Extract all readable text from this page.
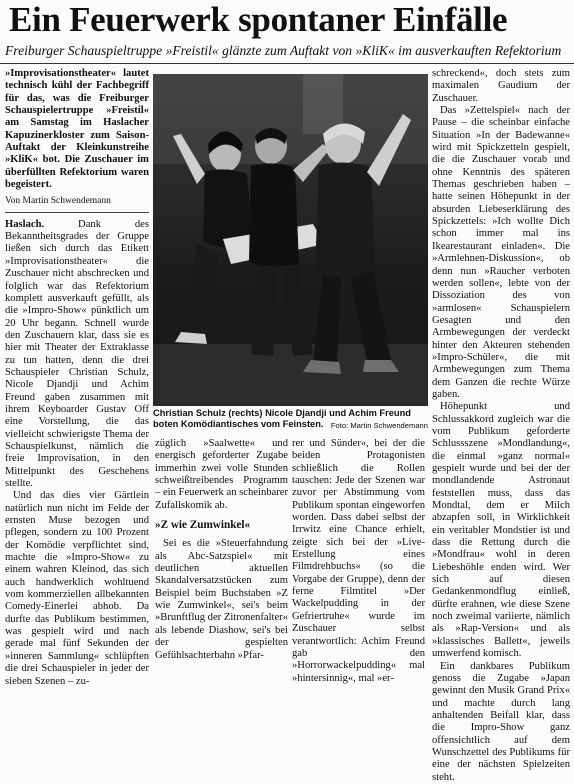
Ein Feuerwerk spontaner Einfälle
Freiburger Schauspieltruppe »Freistil« glänzte zum Auftakt von »KliK« im ausverkauften Refektorium

»Improvisationstheater« lautet technisch kühl der Fachbegriff für das, was die Freiburger Schauspielertruppe »Freistil« am Samstag im Haslacher Kapuzinerkloster zum Saison-Auftakt der Kleinkunstreihe »KliK« bot. Die Zuschauer im überfüllten Refektorium waren begeistert.

Von Martin Schwendemann

Haslach.	Dank des Bekanntheitsgrades der Gruppe ließen sich durch das Etikett »Improvisationstheater« die Zuschauer nicht abschrecken und folglich war das Refektorium komplett ausverkauft gefüllt, als die »Impro-Show« pünktlich um 20 Uhr begann. Schnell wurde den Zuschauern klar, dass sie es hier mit Theater der Extraklasse zu tun hatten, denn die drei Schauspieler Christian Schulz, Nicole Djandji und Achim Freund gaben zusammen mit ihrem Keyboarder Gustav Off eine Vorstellung, die das vielleicht schwierigste Thema der Schauspielkunst, nämlich die freie Improvisation, in den Mittelpunkt des Geschehens stellte.

Und das dies vier Gärtlein natürlich nun nicht im Felde der ernsten Muse bezogen und pflegen, sondern zu 100 Prozent der Komödie verpflichtet sind, machte die »Impro-Show« zu einem wahren Kleinod, das sich auch handwerklich wohltuend vom kommerziellen allbekannten Comedy-Einerlei abhob. Da durfte das Publikum bestimmen, was gespielt wird und nach gerade mal fünf Sekunden der »inneren Sammlung« schlüpften die drei Schauspieler in jeder der sieben Szenen – zu-

Christian Schulz (rechts) Nicole Djandji und Achim Freund boten Komödiantisches vom Feinsten. Foto: Martin Schwendemann

züglich »Saalwette« und energisch geforderter Zugabe immerhin zwei volle Stunden schweißtreibendes Programm – ein Feuerwerk an scheinbarer Zufallskomik ab.

»Z wie Zumwinkel«

Sei es die »Steuerfahndung als Abc-Satzspiel« mit deutlichen aktuellen Skandalversatzstücken zum Beispiel beim Buchstaben »Z wie Zumwinkel«, sei's beim »Brunftflug der Zitronenfalter« als lebende Diashow, sei's bei der gespielten Gefühlsachterbahn »Pfar-

rer und Sünder«, bei der die beiden Protagonisten schließlich die Rollen tauschen: Jede der Szenen war zuvor per Abstimmung vom Publikum spontan eingeworfen worden. Dass dabei selbst der Irrwitz eine Chance erhielt, zeigte sich bei der »Live-Erstellung eines Filmdrehbuchs« (so die Vorgabe der Gruppe), denn der ferne Filmtitel »Der Wackelpudding in der Gefriertruhe« wurde im Zuschauer selbst verantwortlich: Achim Freund gab den »Horrorwackelpudding« mal »hintersinnig«, mal »er-

schreckend«, doch stets zum maximalen Gaudium der Zuschauer.

Das »Zettelspiel« nach der Pause – die scheinbar einfache Situation »In der Badewanne« wird mit Spickzetteln gespielt, die die Zuschauer vorab und ohne Kenntnis des späteren Themas geschrieben haben – hatte seinen Höhepunkt in der absurden Liebeserklärung des Spickzettels: »Ich wollte Dich schon immer mal ins Ikearestaurant einladen«. Die »Armlehnen-Diskussion«, ob denn nun »Raucher verboten werden sollen«, lebte von der Dissoziation des von »armlosen« Schauspielern Gesagten und den Armbewegungen der verdeckt hinter den Akteuren stehenden »Impro-Schüler«, die mit Armbewegungen zum Thema dem Ganzen die rechte Würze gaben.

Höhepunkt und Schlussakkord zugleich war die vom Publikum geforderte Schlussszene »Mondlandung«, die einmal »ganz normal« gespielt wurde und bei der der mondlandende Astronaut feststellen muss, dass das Mondtal, dem er Milch abzapfen soll, in Wirklichkeit ein veritabler Mondstier ist und dass die Rettung durch die »Mondfrau« wohl in deren Liebeshöhle enden wird. Wer sich auf diesen Gedankenmondflug einließ, dürfte erahnen, wie diese Szene noch zweimal variierte, nämlich als »Rap-Version« und als »klassisches Ballett«, jeweils umwerfend komisch.

Ein dankbares Publikum genoss die Zugabe »Japan gewinnt den Musik Grand Prix« und machte durch lang anhaltenden Beifall klar, dass die Impro-Show ganz offensichtlich auf dem Wunschzettel des Publikums für eine der nächsten Spielzeiten steht.
